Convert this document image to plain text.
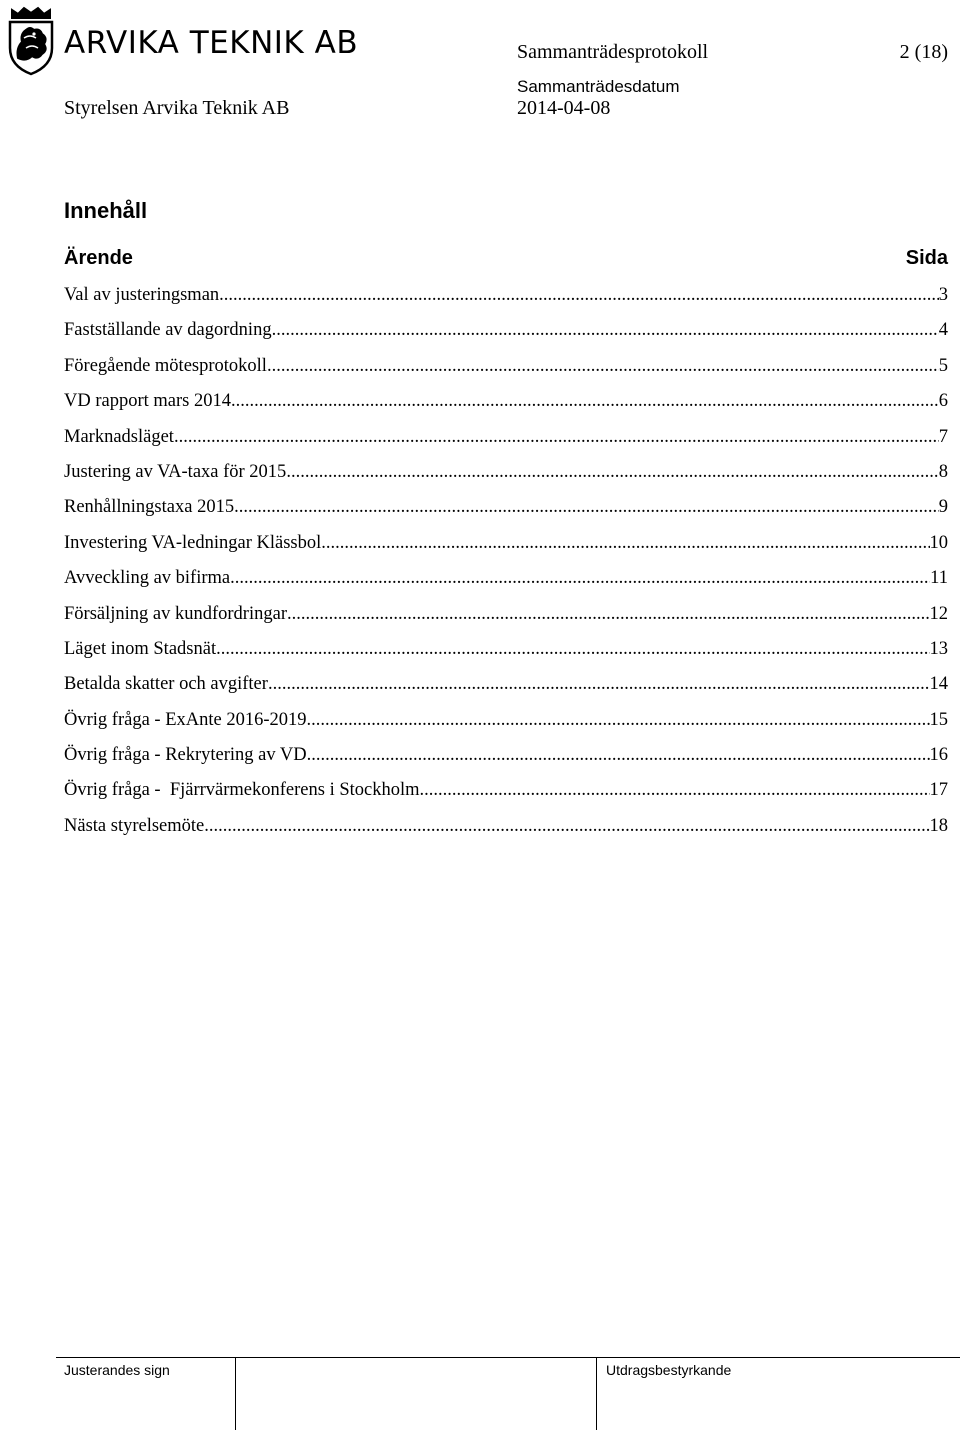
ARVIKA TEKNIK AB	Sammanträdesprotokoll	2 (18)
Styrelsen Arvika Teknik AB
Sammanträdesdatum
2014-04-08
Innehåll
Ärende	Sida
Val av justeringsman .....	3
Fastställande av dagordning .....	4
Föregående mötesprotokoll .....	5
VD rapport mars 2014 .....	6
Marknadsläget .....	7
Justering av VA-taxa för 2015 .....	8
Renhållningstaxa 2015 .....	9
Investering VA-ledningar Klässbol .....	10
Avveckling av bifirma .....	11
Försäljning av kundfordringar .....	12
Läget inom Stadsnät .....	13
Betalda skatter och avgifter .....	14
Övrig fråga - ExAnte 2016-2019 .....	15
Övrig fråga - Rekrytering av VD .....	16
Övrig fråga -  Fjärrvärmekonferens i Stockholm .....	17
Nästa styrelsemöte .....	18
Justerandes sign	Utdragsbestyrkande
